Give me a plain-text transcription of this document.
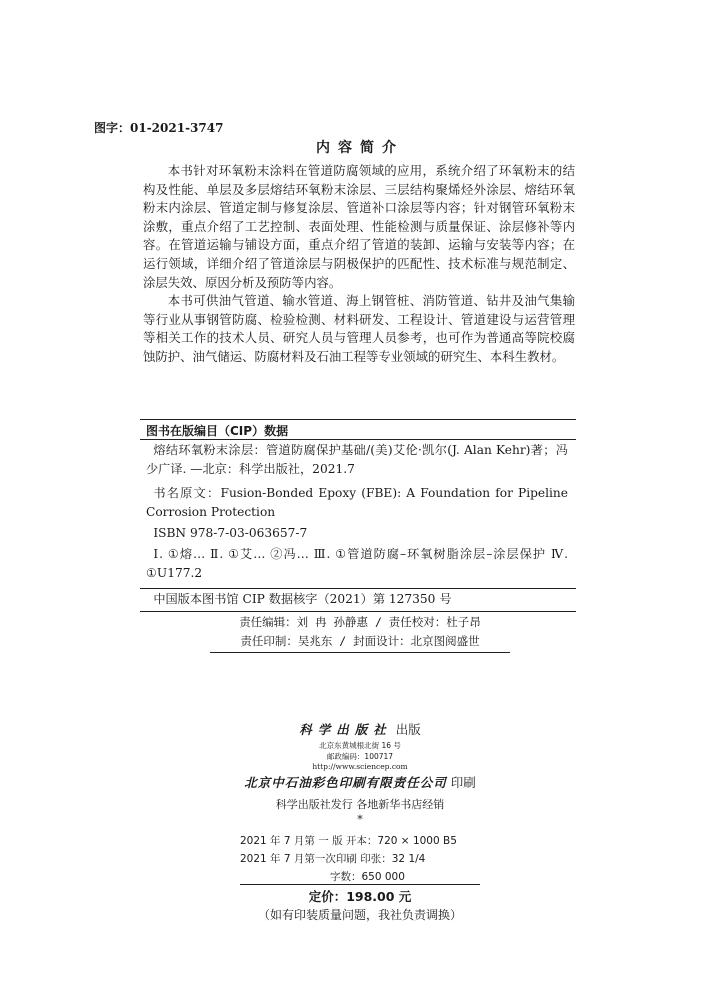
图字：01-2021-3747
内容简介

本书针对环氧粉末涂料在管道防腐领域的应用，系统介绍了环氧粉末的结构及性能、单层及多层熔结环氧粉末涂层、三层结构聚烯烃外涂层、熔结环氧粉末内涂层、管道定制与修复涂层、管道补口涂层等内容；针对钢管环氧粉末涂敷，重点介绍了工艺控制、表面处理、性能检测与质量保证、涂层修补等内容。在管道运输与铺设方面，重点介绍了管道的装卸、运输与安装等内容；在运行领域，详细介绍了管道涂层与阴极保护的匹配性、技术标准与规范制定、涂层失效、原因分析及预防等内容。

本书可供油气管道、输水管道、海上钢管桩、消防管道、钻井及油气集输等行业从事钢管防腐、检验检测、材料研发、工程设计、管道建设与运营管理等相关工作的技术人员、研究人员与管理人员参考，也可作为普通高等院校腐蚀防护、油气储运、防腐材料及石油工程等专业领域的研究生、本科生教材。

图书在版编目（CIP）数据
熔结环氧粉末涂层：管道防腐保护基础/(美)艾伦·凯尔(J. Alan Kehr)著；冯少广译. —北京：科学出版社，2021.7
书名原文：Fusion-Bonded Epoxy (FBE): A Foundation for Pipeline Corrosion Protection
ISBN 978-7-03-063657-7
Ⅰ. ①熔… Ⅱ. ①艾… ②冯… Ⅲ. ①管道防腐–环氧树脂涂层–涂层保护 Ⅳ. ①U177.2
中国版本图书馆 CIP 数据核字（2021）第 127350 号
责任编辑：刘 冉 孙静惠 / 责任校对：杜子昂
责任印制：吴兆东 / 封面设计：北京图阅盛世
科学出版社 出版
北京东黄城根北街 16 号
邮政编码：100717
http://www.sciencep.com
北京中石油彩色印刷有限责任公司 印刷
科学出版社发行 各地新华书店经销
*
2021 年 7 月第 一 版 开本：720 × 1000 B5
2021 年 7 月第一次印刷 印张：32 1/4
字数：650 000
定价：198.00 元
（如有印装质量问题，我社负责调换）
